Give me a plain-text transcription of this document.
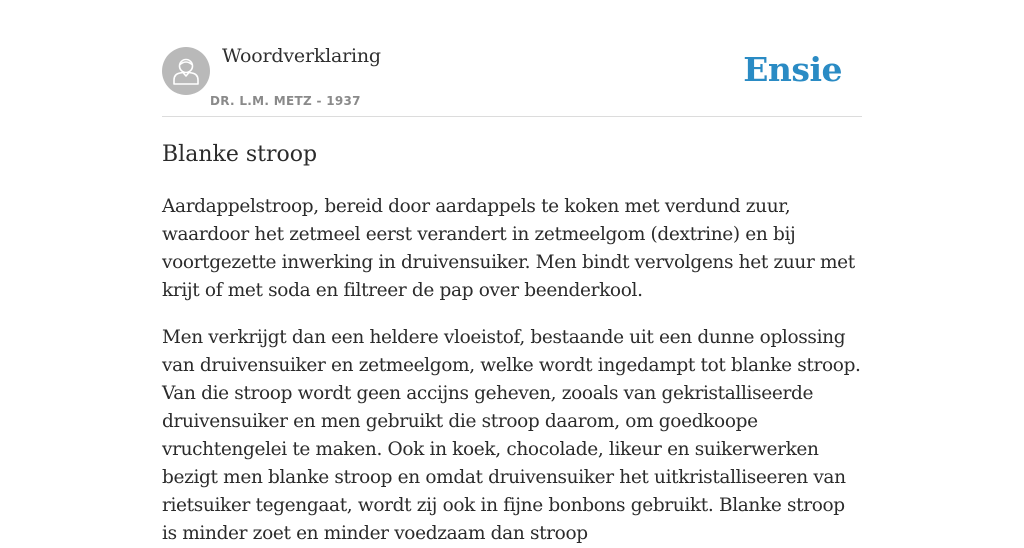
Woordverklaring
DR. L.M. METZ - 1937
Ensie
Blanke stroop

Aardappelstroop, bereid door aardappels te koken met verdund zuur, waardoor het zetmeel eerst verandert in zetmeelgom (dextrine) en bij voortgezette inwerking in druivensuiker. Men bindt vervolgens het zuur met krijt of met soda en filtreer de pap over beenderkool.

Men verkrijgt dan een heldere vloeistof, bestaande uit een dunne oplossing van druivensuiker en zetmeelgom, welke wordt ingedampt tot blanke stroop. Van die stroop wordt geen accijns geheven, zooals van gekristalliseerde druivensuiker en men gebruikt die stroop daarom, om goedkoope vruchtengelei te maken. Ook in koek, chocolade, likeur en suikerwerken bezigt men blanke stroop en omdat druivensuiker het uitkristalliseeren van rietsuiker tegengaat, wordt zij ook in fijne bonbons gebruikt. Blanke stroop is minder zoet en minder voedzaam dan stroop
